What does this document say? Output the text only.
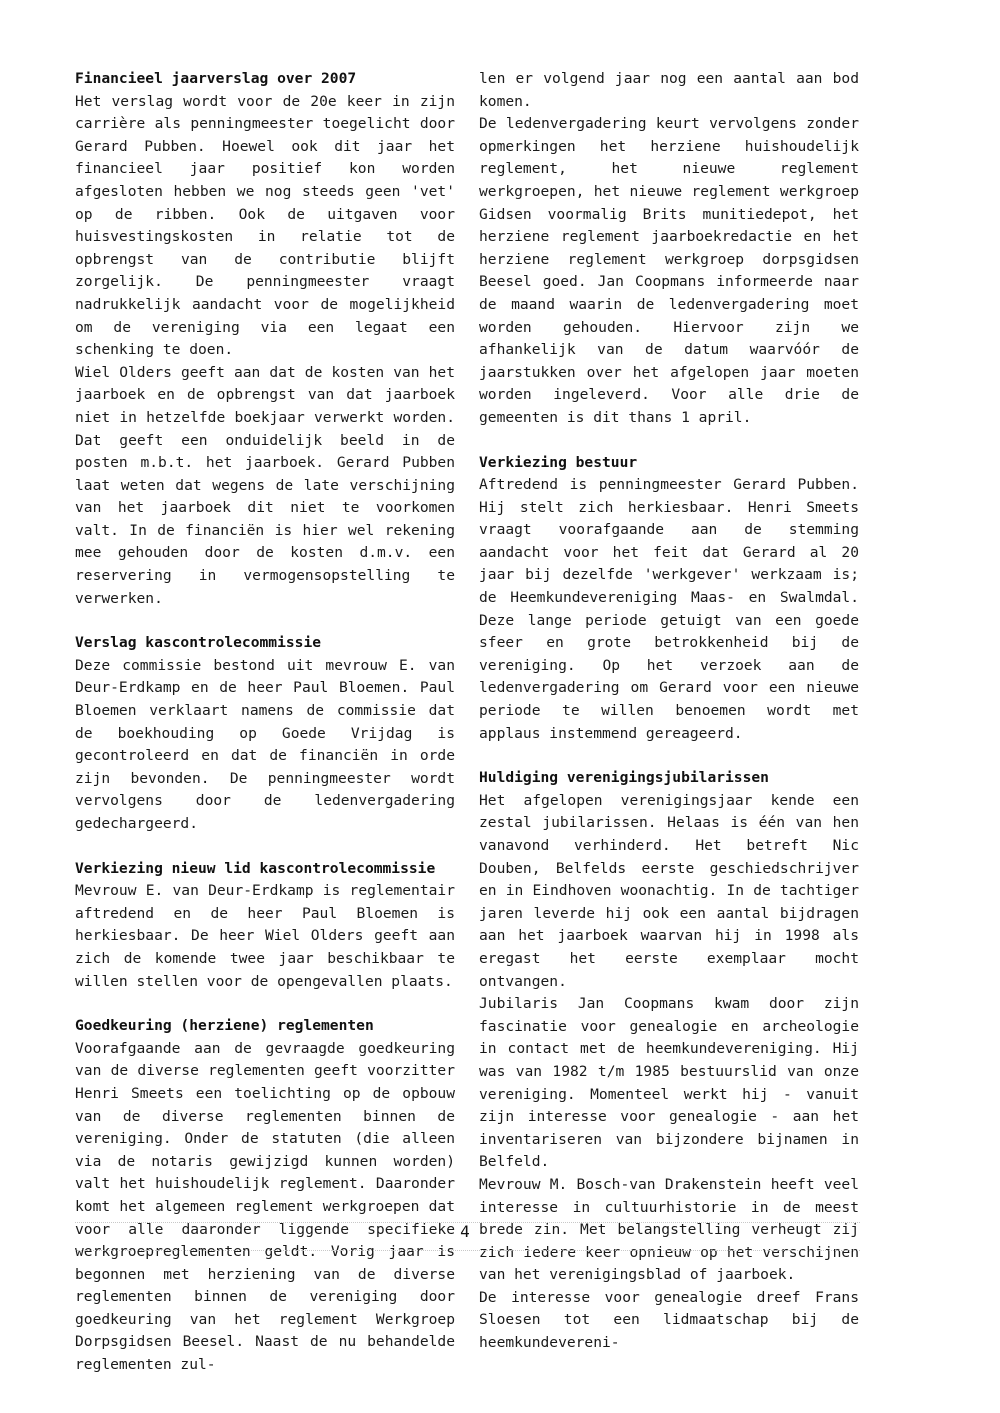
Financieel jaarverslag over 2007

Het verslag wordt voor de 20e keer in zijn carrière als penningmeester toegelicht door Gerard Pubben. Hoewel ook dit jaar het financieel jaar positief kon worden afgesloten hebben we nog steeds geen 'vet' op de ribben. Ook de uitgaven voor huisvestingskosten in relatie tot de opbrengst van de contributie blijft zorgelijk. De penningmeester vraagt nadrukkelijk aandacht voor de mogelijkheid om de vereniging via een legaat een schenking te doen.

Wiel Olders geeft aan dat de kosten van het jaarboek en de opbrengst van dat jaarboek niet in hetzelfde boekjaar verwerkt worden. Dat geeft een onduidelijk beeld in de posten m.b.t. het jaarboek. Gerard Pubben laat weten dat wegens de late verschijning van het jaarboek dit niet te voorkomen valt. In de financiën is hier wel rekening mee gehouden door de kosten d.m.v. een reservering in vermogensopstelling te verwerken.

Verslag kascontrolecommissie

Deze commissie bestond uit mevrouw E. van Deur-Erdkamp en de heer Paul Bloemen. Paul Bloemen verklaart namens de commissie dat de boekhouding op Goede Vrijdag is gecontroleerd en dat de financiën in orde zijn bevonden. De penningmeester wordt vervolgens door de ledenvergadering gedechargeerd.

Verkiezing nieuw lid kascontrolecommissie

Mevrouw E. van Deur-Erdkamp is reglementair aftredend en de heer Paul Bloemen is herkiesbaar. De heer Wiel Olders geeft aan zich de komende twee jaar beschikbaar te willen stellen voor de opengevallen plaats.

Goedkeuring (herziene) reglementen

Voorafgaande aan de gevraagde goedkeuring van de diverse reglementen geeft voorzitter Henri Smeets een toelichting op de opbouw van de diverse reglementen binnen de vereniging. Onder de statuten (die alleen via de notaris gewijzigd kunnen worden) valt het huishoudelijk reglement. Daaronder komt het algemeen reglement werkgroepen dat voor alle daaronder liggende specifieke werkgroepreglementen geldt. Vorig jaar is begonnen met herziening van de diverse reglementen binnen de vereniging door goedkeuring van het reglement Werkgroep Dorpsgidsen Beesel. Naast de nu behandelde reglementen zul-

len er volgend jaar nog een aantal aan bod komen.

De ledenvergadering keurt vervolgens zonder opmerkingen het herziene huishoudelijk reglement, het nieuwe reglement werkgroepen, het nieuwe reglement werkgroep Gidsen voormalig Brits munitiedepot, het herziene reglement jaarboekredactie en het herziene reglement werkgroep dorpsgidsen Beesel goed. Jan Coopmans informeerde naar de maand waarin de ledenvergadering moet worden gehouden. Hiervoor zijn we afhankelijk van de datum waarvóór de jaarstukken over het afgelopen jaar moeten worden ingeleverd. Voor alle drie de gemeenten is dit thans 1 april.

Verkiezing bestuur

Aftredend is penningmeester Gerard Pubben. Hij stelt zich herkiesbaar. Henri Smeets vraagt voorafgaande aan de stemming aandacht voor het feit dat Gerard al 20 jaar bij dezelfde 'werkgever' werkzaam is; de Heemkundevereniging Maas- en Swalmdal. Deze lange periode getuigt van een goede sfeer en grote betrokkenheid bij de vereniging. Op het verzoek aan de ledenvergadering om Gerard voor een nieuwe periode te willen benoemen wordt met applaus instemmend gereageerd.

Huldiging verenigingsjubilarissen

Het afgelopen verenigingsjaar kende een zestal jubilarissen. Helaas is één van hen vanavond verhinderd. Het betreft Nic Douben, Belfelds eerste geschiedschrijver en in Eindhoven woonachtig. In de tachtiger jaren leverde hij ook een aantal bijdragen aan het jaarboek waarvan hij in 1998 als eregast het eerste exemplaar mocht ontvangen.

Jubilaris Jan Coopmans kwam door zijn fascinatie voor genealogie en archeologie in contact met de heemkundevereniging. Hij was van 1982 t/m 1985 bestuurslid van onze vereniging. Momenteel werkt hij - vanuit zijn interesse voor genealogie - aan het inventariseren van bijzondere bijnamen in Belfeld.

Mevrouw M. Bosch-van Drakenstein heeft veel interesse in cultuurhistorie in de meest brede zin. Met belangstelling verheugt zij zich iedere keer opnieuw op het verschijnen van het verenigingsblad of jaarboek.

De interesse voor genealogie dreef Frans Sloesen tot een lidmaatschap bij de heemkundevereni-

4
